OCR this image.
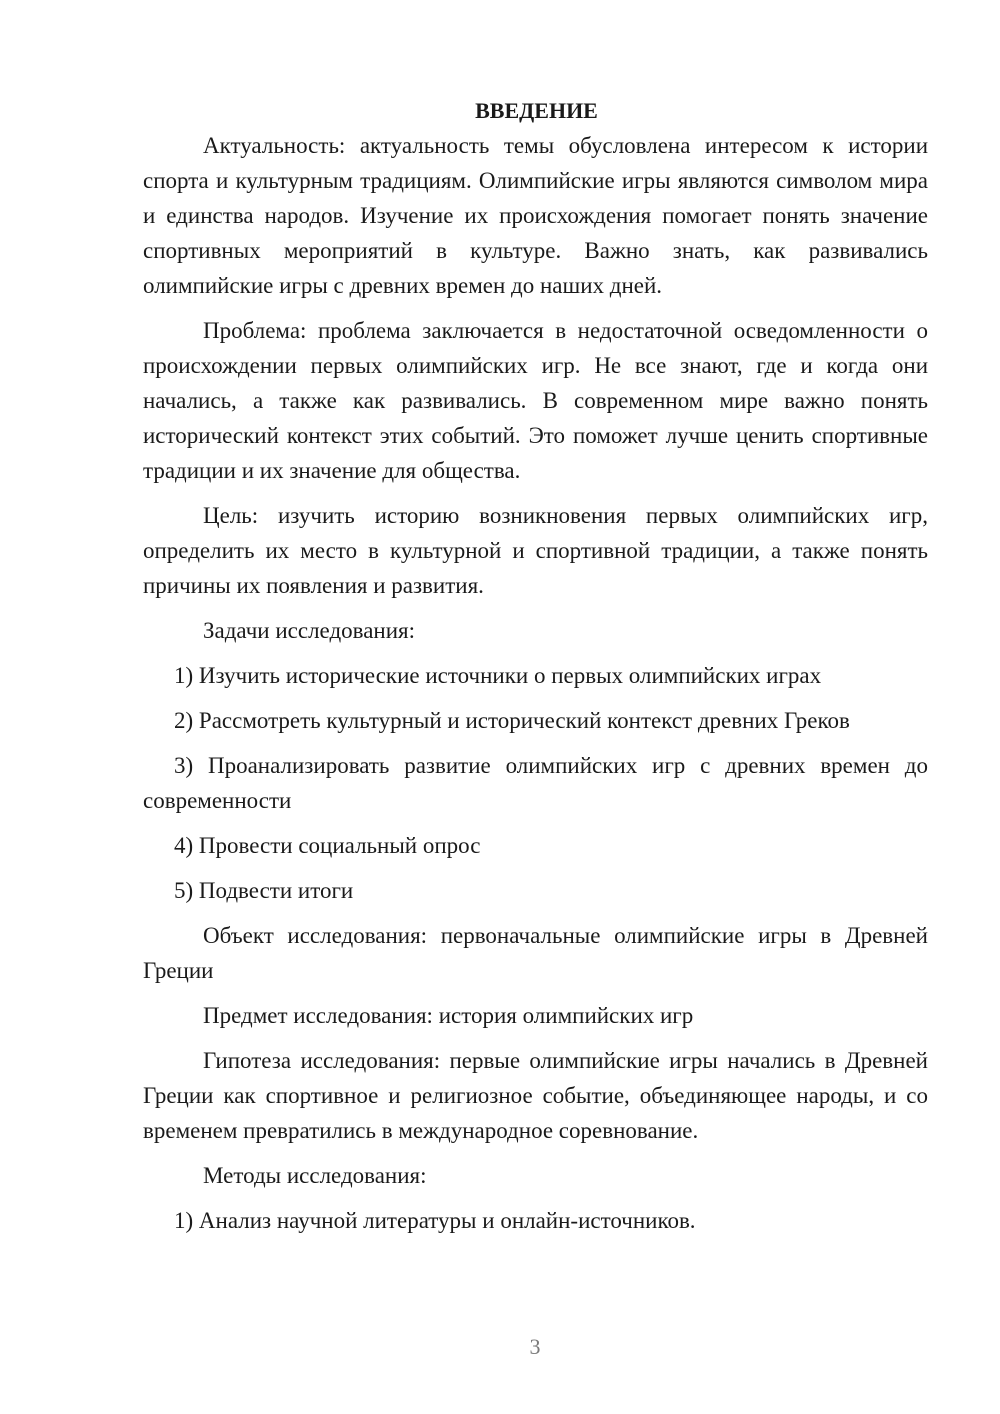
ВВЕДЕНИЕ

Актуальность: актуальность темы обусловлена интересом к истории спорта и культурным традициям. Олимпийские игры являются символом мира и единства народов. Изучение их происхождения помогает понять значение спортивных мероприятий в культуре. Важно знать, как развивались олимпийские игры с древних времен до наших дней.

Проблема: проблема заключается в недостаточной осведомленности о происхождении первых олимпийских игр. Не все знают, где и когда они начались, а также как развивались. В современном мире важно понять исторический контекст этих событий. Это поможет лучше ценить спортивные традиции и их значение для общества.

Цель: изучить историю возникновения первых олимпийских игр, определить их место в культурной и спортивной традиции, а также понять причины их появления и развития.

Задачи исследования:

1) Изучить исторические источники о первых олимпийских играх

2) Рассмотреть культурный и исторический контекст древних Греков

3) Проанализировать развитие олимпийских игр с древних времен до современности

4) Провести социальный опрос

5) Подвести итоги

Объект исследования: первоначальные олимпийские игры в Древней Греции

Предмет исследования: история олимпийских игр

Гипотеза исследования: первые олимпийские игры начались в Древней Греции как спортивное и религиозное событие, объединяющее народы, и со временем превратились в международное соревнование.

Методы исследования:

1) Анализ научной литературы и онлайн-источников.

3
